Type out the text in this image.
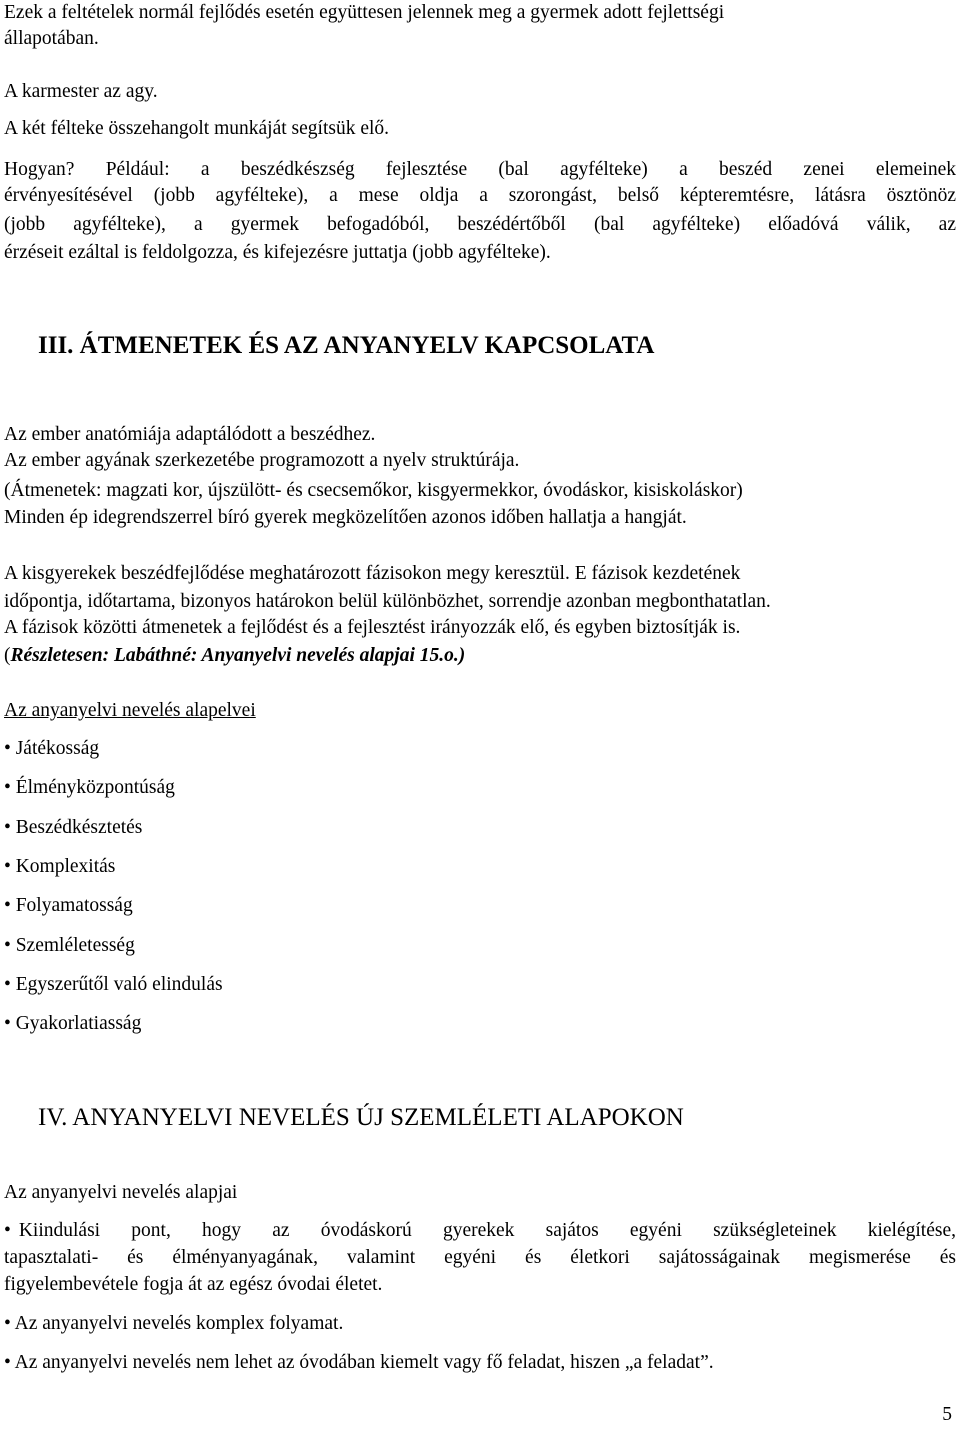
Ezek a feltételek normál fejlődés esetén együttesen jelennek meg a gyermek adott fejlettségi
állapotában.
A karmester az agy.
A két félteke összehangolt munkáját segítsük elő.
Hogyan? Például: a beszédkészség fejlesztése (bal agyfélteke) a beszéd zenei elemeinek
érvényesítésével (jobb agyfélteke), a mese oldja a szorongást, belső képteremtésre, látásra ösztönöz
(jobb agyfélteke), a gyermek befogadóból, beszédértőből (bal agyfélteke) előadóvá válik, az
érzéseit ezáltal is feldolgozza, és kifejezésre juttatja (jobb agyfélteke).
III. ÁTMENETEK ÉS AZ ANYANYELV KAPCSOLATA
Az ember anatómiája adaptálódott a beszédhez.
Az ember agyának szerkezetébe programozott a nyelv struktúrája.
(Átmenetek: magzati kor, újszülött- és csecsemőkor, kisgyermekkor, óvodáskor, kisiskoláskor)
Minden ép idegrendszerrel bíró gyerek megközelítően azonos időben hallatja a hangját.
A kisgyerekek beszédfejlődése meghatározott fázisokon megy keresztül. E fázisok kezdetének
időpontja, időtartama, bizonyos határokon belül különbözhet, sorrendje azonban megbonthatatlan.
A fázisok közötti átmenetek a fejlődést és a fejlesztést irányozzák elő, és egyben biztosítják is.
(Részletesen: Labáthné: Anyanyelvi nevelés alapjai 15.o.)
Az anyanyelvi nevelés alapelvei
• Játékosság
• Élményközpontúság
• Beszédkésztetés
• Komplexitás
• Folyamatosság
• Szemléletesség
• Egyszerűtől való elindulás
• Gyakorlatiasság
IV. ANYANYELVI NEVELÉS ÚJ SZEMLÉLETI ALAPOKON
Az anyanyelvi nevelés alapjai
• Kiindulási pont, hogy az óvodáskorú gyerekek sajátos egyéni szükségleteinek kielégítése,
tapasztalati- és élményanyagának, valamint egyéni és életkori sajátosságainak megismerése és
figyelembevétele fogja át az egész óvodai életet.
• Az anyanyelvi nevelés komplex folyamat.
• Az anyanyelvi nevelés nem lehet az óvodában kiemelt vagy fő feladat, hiszen „a feladat”.
5
